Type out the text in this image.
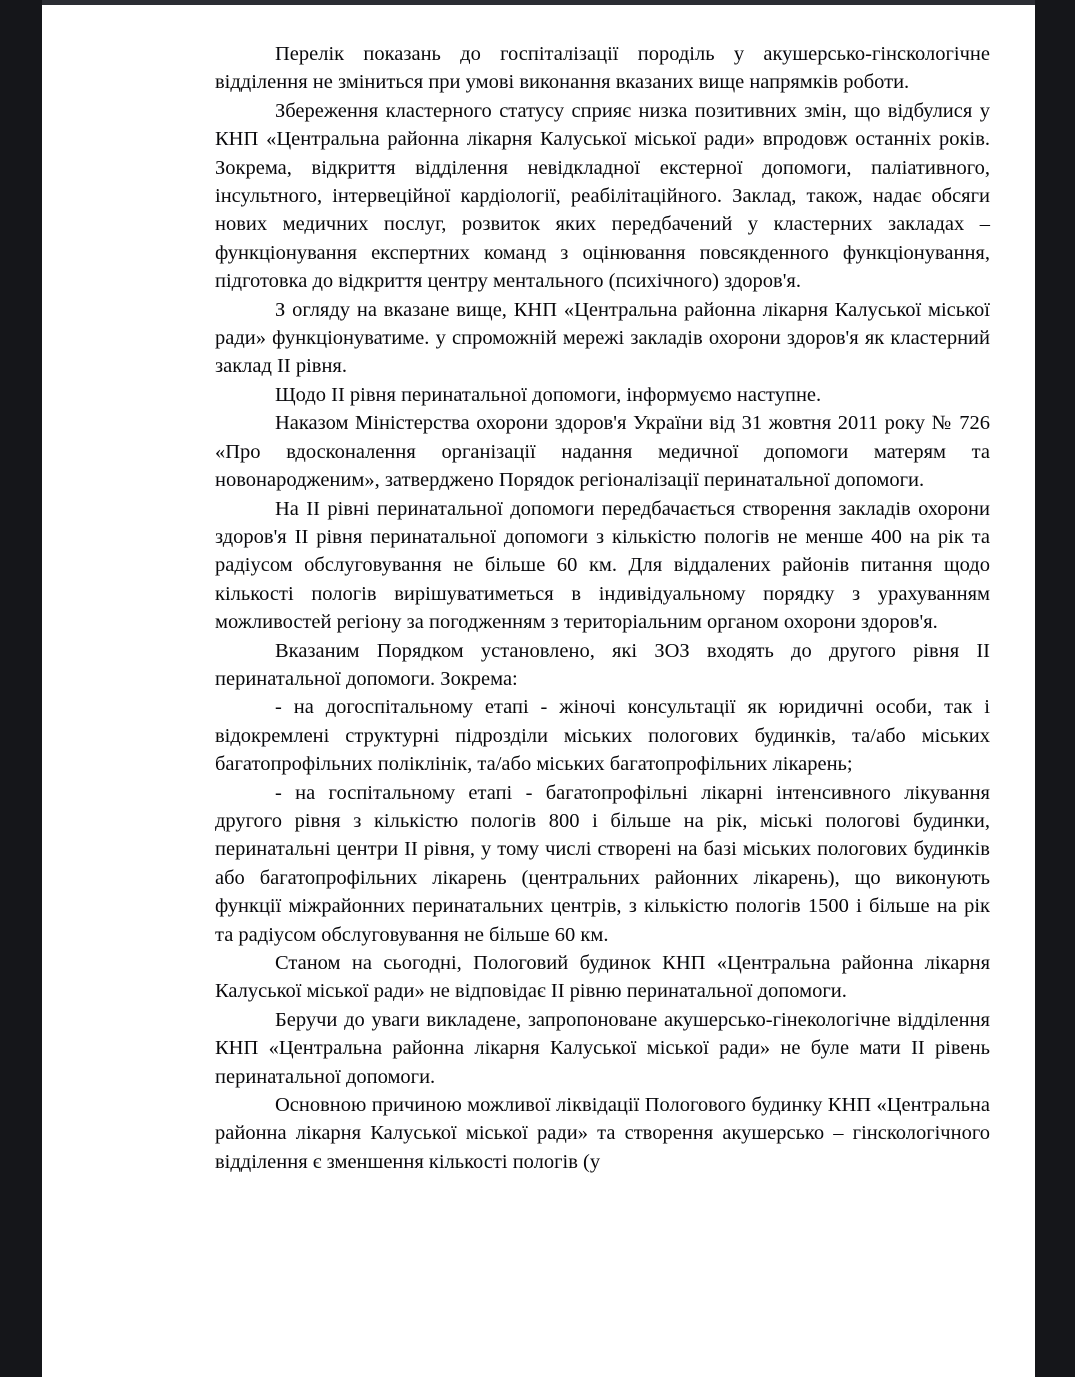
Перелік показань до госпіталізації породіль у акушерсько-гінскологічне відділення не зміниться при умові виконання вказаних вище напрямків роботи.

Збереження кластерного статусу сприяє низка позитивних змін, що відбулися у КНП «Центральна районна лікарня Калуської міської ради» впродовж останніх років. Зокрема, відкриття відділення невідкладної екстерної допомоги, паліативного, інсультного, інтервеційної кардіології, реабілітаційного. Заклад, також, надає обсяги нових медичних послуг, розвиток яких передбачений у кластерних закладах – функціонування експертних команд з оцінювання повсякденного функціонування, підготовка до відкриття центру ментального (психічного) здоров'я.

З огляду на вказане вище, КНП «Центральна районна лікарня Калуської міської ради» функціонуватиме. у спроможній мережі закладів охорони здоров'я як кластерний заклад ІІ рівня.

Щодо ІІ рівня перинатальної допомоги, інформуємо наступне.

Наказом Міністерства охорони здоров'я України від 31 жовтня 2011 року № 726 «Про вдосконалення організації надання медичної допомоги матерям та новонародженим», затверджено Порядок регіоналізації перинатальної допомоги.

На ІІ рівні перинатальної допомоги передбачається створення закладів охорони здоров'я ІІ рівня перинатальної допомоги з кількістю пологів не менше 400 на рік та радіусом обслуговування не більше 60 км. Для віддалених районів питання щодо кількості пологів вирішуватиметься в індивідуальному порядку з урахуванням можливостей регіону за погодженням з територіальним органом охорони здоров'я.

Вказаним Порядком установлено, які ЗОЗ входять до другого рівня ІІ перинатальної допомоги. Зокрема:

- на догоспітальному етапі - жіночі консультації як юридичні особи, так і відокремлені структурні підрозділи міських пологових будинків, та/або міських багатопрофільних поліклінік, та/або міських багатопрофільних лікарень;

- на госпітальному етапі - багатопрофільні лікарні інтенсивного лікування другого рівня з кількістю пологів 800 і більше на рік, міські пологові будинки, перинатальні центри ІІ рівня, у тому числі створені на базі міських пологових будинків або багатопрофільних лікарень (центральних районних лікарень), що виконують функції міжрайонних перинатальних центрів, з кількістю пологів 1500 і більше на рік та радіусом обслуговування не більше 60 км.

Станом на сьогодні, Пологовий будинок КНП «Центральна районна лікарня Калуської міської ради» не відповідає ІІ рівню перинатальної допомоги.

Беручи до уваги викладене, запропоноване акушерсько-гінекологічне відділення КНП «Центральна районна лікарня Калуської міської ради» не буле мати ІІ рівень перинатальної допомоги.

Основною причиною можливої ліквідації Пологового будинку КНП «Центральна районна лікарня Калуської міської ради» та створення акушерсько – гінскологічного відділення є зменшення кількості пологів (у
